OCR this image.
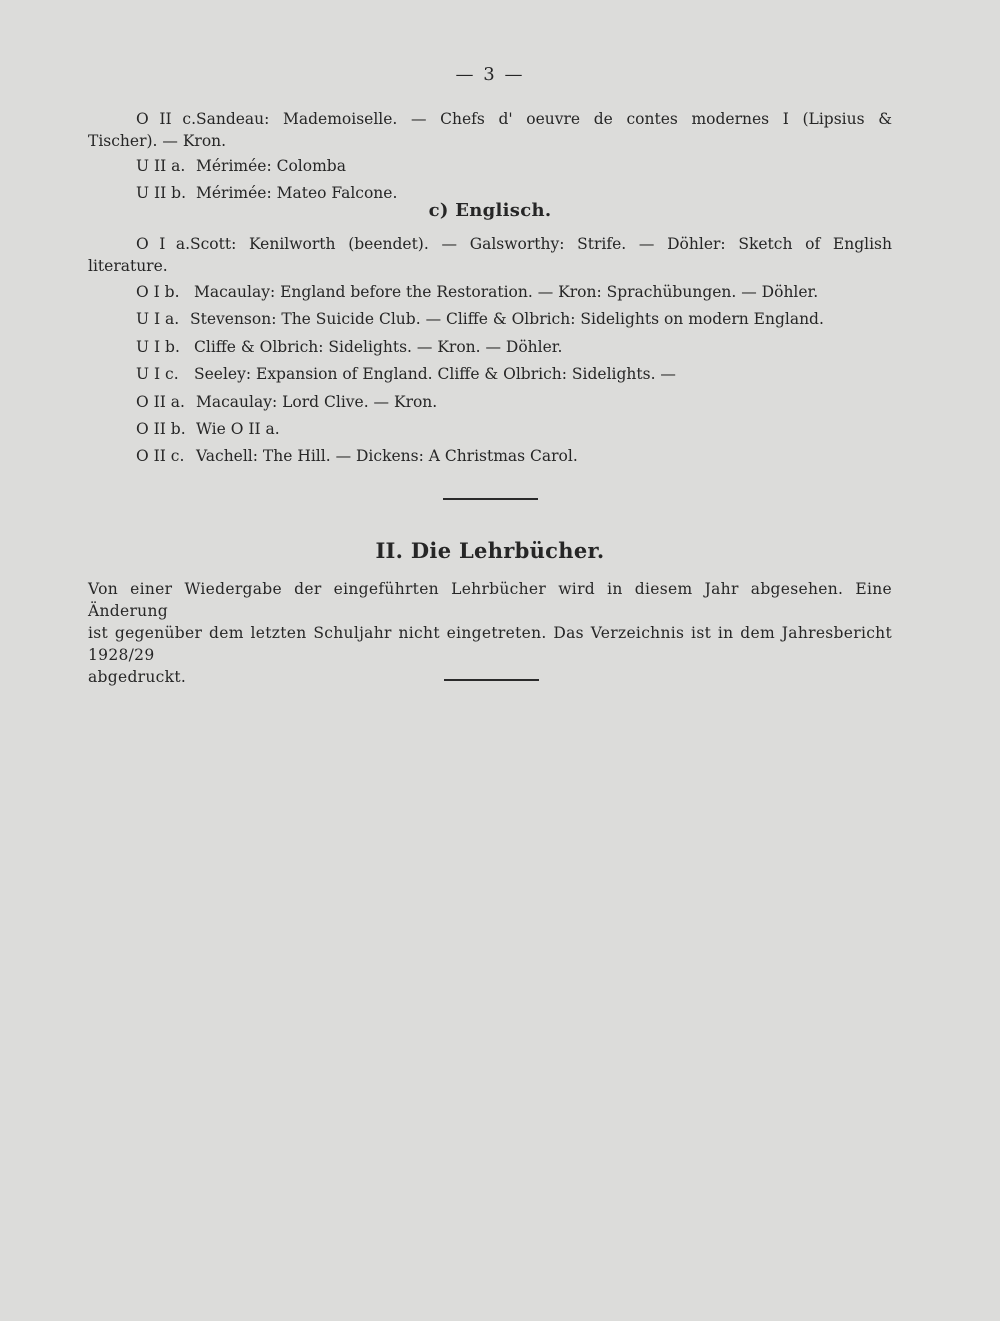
— 3 —
O II c.Sandeau: Mademoiselle. — Chefs d' oeuvre de contes modernes I (Lipsius &
Tischer). — Kron.
U II a. Mérimée: Colomba
U II b. Mérimée: Mateo Falcone.
c) Englisch.
O I a.Scott: Kenilworth (beendet). — Galsworthy: Strife. — Döhler: Sketch of English
literature.
O I b. Macaulay: England before the Restoration. — Kron: Sprachübungen. — Döhler.
U I a. Stevenson: The Suicide Club. — Cliffe & Olbrich: Sidelights on modern England.
U I b. Cliffe & Olbrich: Sidelights. — Kron. — Döhler.
U I c. Seeley: Expansion of England. Cliffe & Olbrich: Sidelights. —
O II a. Macaulay: Lord Clive. — Kron.
O II b. Wie O II a.
O II c. Vachell: The Hill. — Dickens: A Christmas Carol.
II. Die Lehrbücher.
Von einer Wiedergabe der eingeführten Lehrbücher wird in diesem Jahr abgesehen. Eine Änderung
ist gegenüber dem letzten Schuljahr nicht eingetreten. Das Verzeichnis ist in dem Jahresbericht 1928/29
abgedruckt.
